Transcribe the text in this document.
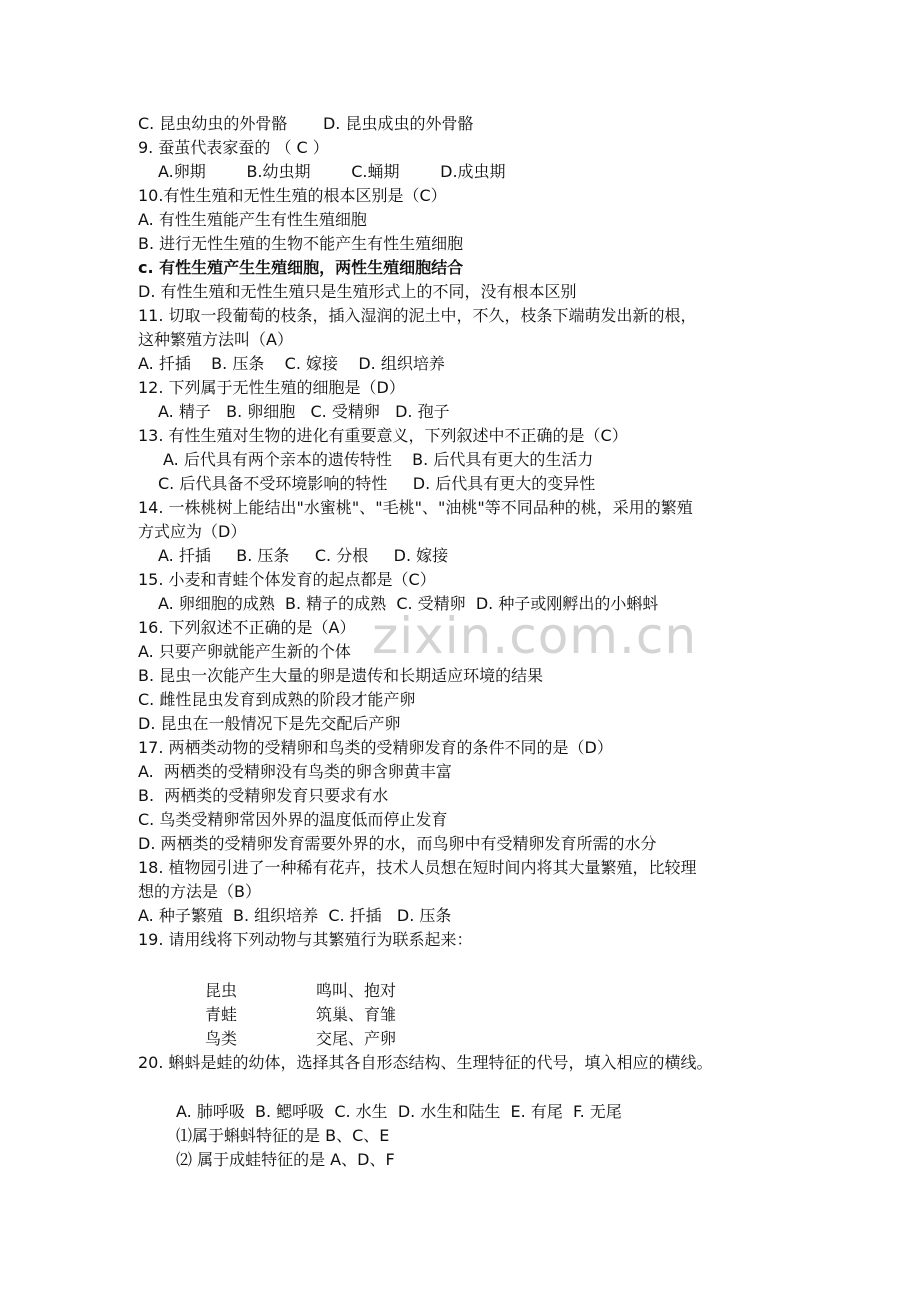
zixin.com.cn
C. 昆虫幼虫的外骨骼       D. 昆虫成虫的外骨骼
9. 蚕茧代表家蚕的 （ C ）
A.卵期        B.幼虫期        C.蛹期        D.成虫期
10.有性生殖和无性生殖的根本区别是（C）
A. 有性生殖能产生有性生殖细胞
B. 进行无性生殖的生物不能产生有性生殖细胞
c. 有性生殖产生生殖细胞，两性生殖细胞结合
D. 有性生殖和无性生殖只是生殖形式上的不同，没有根本区别
11. 切取一段葡萄的枝条，插入湿润的泥土中，不久，枝条下端萌发出新的根，
这种繁殖方法叫（A）
A. 扦插    B. 压条    C. 嫁接    D. 组织培养
12. 下列属于无性生殖的细胞是（D）
A. 精子   B. 卵细胞   C. 受精卵   D. 孢子
13. 有性生殖对生物的进化有重要意义，下列叙述中不正确的是（C）
A. 后代具有两个亲本的遗传特性    B. 后代具有更大的生活力
C. 后代具备不受环境影响的特性     D. 后代具有更大的变异性
14. 一株桃树上能结出"水蜜桃"、"毛桃"、"油桃"等不同品种的桃，采用的繁殖
方式应为（D）
A. 扦插     B. 压条     C. 分根     D. 嫁接
15. 小麦和青蛙个体发育的起点都是（C）
A. 卵细胞的成熟  B. 精子的成熟  C. 受精卵  D. 种子或刚孵出的小蝌蚪
16. 下列叙述不正确的是（A）
A. 只要产卵就能产生新的个体
B. 昆虫一次能产生大量的卵是遗传和长期适应环境的结果
C. 雌性昆虫发育到成熟的阶段才能产卵
D. 昆虫在一般情况下是先交配后产卵
17. 两栖类动物的受精卵和鸟类的受精卵发育的条件不同的是（D）
A.  两栖类的受精卵没有鸟类的卵含卵黄丰富
B.  两栖类的受精卵发育只要求有水
C. 鸟类受精卵常因外界的温度低而停止发育
D. 两栖类的受精卵发育需要外界的水，而鸟卵中有受精卵发育所需的水分
18. 植物园引进了一种稀有花卉，技术人员想在短时间内将其大量繁殖，比较理
想的方法是（B）
A. 种子繁殖  B. 组织培养  C. 扦插   D. 压条
19. 请用线将下列动物与其繁殖行为联系起来：
昆虫	鸣叫、抱对
青蛙	筑巢、育雏
鸟类	交尾、产卵
20. 蝌蚪是蛙的幼体，选择其各自形态结构、生理特征的代号，填入相应的横线。
A. 肺呼吸  B. 鳃呼吸  C. 水生  D. 水生和陆生  E. 有尾  F. 无尾
⑴属于蝌蚪特征的是 B、C、E
⑵ 属于成蛙特征的是 A、D、F
